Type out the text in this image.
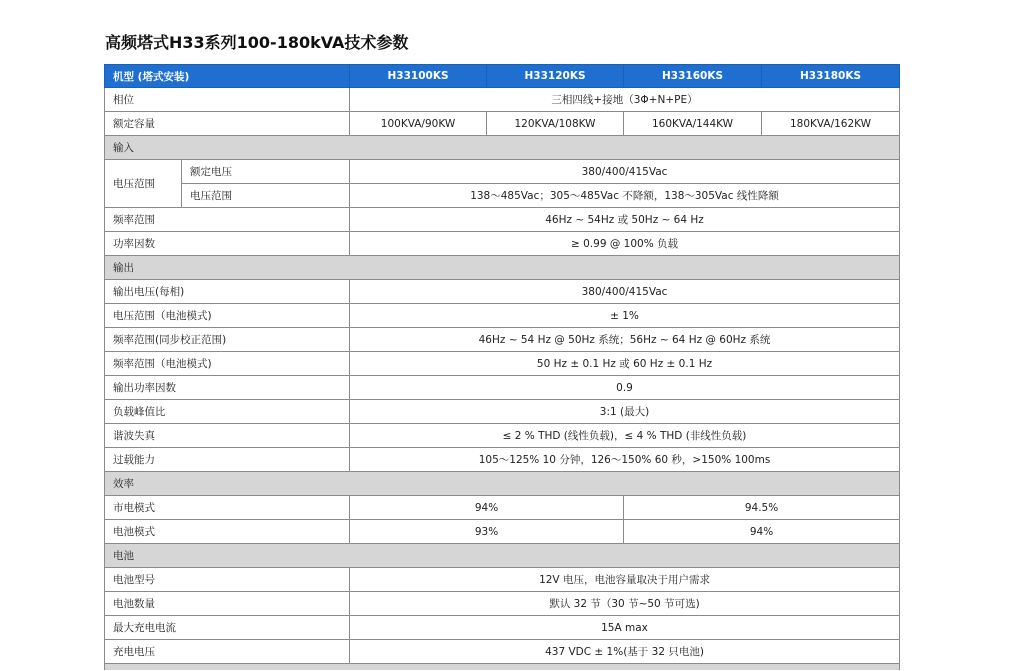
高频塔式H33系列100-180kVA技术参数
机型 (塔式安装)		H33100KS	H33120KS	H33160KS	H33180KS
相位		三相四线+接地（3Φ+N+PE）			
额定容量		100KVA/90KW	120KVA/108KW	160KVA/144KW	180KVA/162KW
输入					
电压范围	额定电压	380/400/415Vac			
	电压范围	138～485Vac；305～485Vac 不降额，138～305Vac 线性降额			
频率范围		46Hz ~ 54Hz 或 50Hz ~ 64 Hz			
功率因数		≥ 0.99 @ 100% 负载			
输出					
输出电压(每相)		380/400/415Vac			
电压范围（电池模式)		± 1%			
频率范围(同步校正范围)		46Hz ~ 54 Hz @ 50Hz 系统；56Hz ~ 64 Hz @ 60Hz 系统			
频率范围（电池模式)		50 Hz ± 0.1 Hz 或 60 Hz ± 0.1 Hz			
输出功率因数		0.9			
负载峰值比		3:1 (最大)			
谐波失真		≤ 2 % THD (线性负载)，≤ 4 % THD (非线性负载)			
过载能力		105～125% 10 分钟，126～150% 60 秒，>150% 100ms			
效率					
市电模式		94%		94.5%	
电池模式		93%		94%	
电池					
电池型号		12V 电压，电池容量取决于用户需求			
电池数量		默认 32 节（30 节~50 节可选)			
最大充电电流		15A max			
充电电压		437 VDC ± 1%(基于 32 只电池)			
